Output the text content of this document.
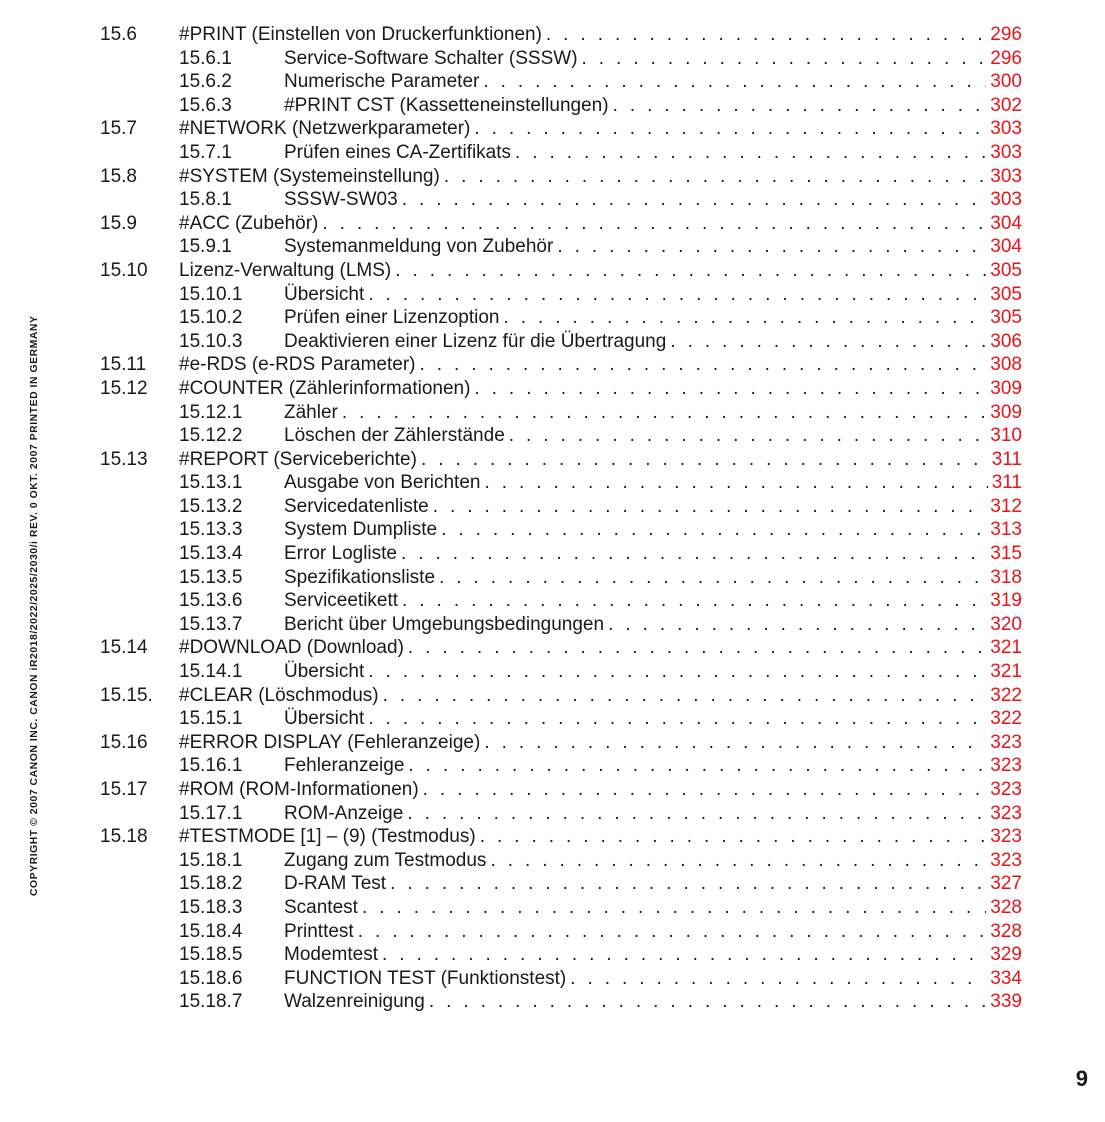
COPYRIGHT © 2007 CANON INC. CANON iR2018/2022/2025/2030/i REV. 0 OKT. 2007 PRINTED IN GERMANY
15.6 #PRINT (Einstellen von Druckerfunktionen) . . .	296
15.6.1	Service-Software Schalter (SSSW) . . .	296
15.6.2	Numerische Parameter . . .	300
15.6.3	#PRINT CST (Kassetteneinstellungen) . . .	302
15.7 #NETWORK (Netzwerkparameter) . . .	303
15.7.1	Prüfen eines CA-Zertifikats . . .	303
15.8 #SYSTEM (Systemeinstellung) . . .	303
15.8.1	SSSW-SW03 . . .	303
15.9 #ACC (Zubehör) . . .	304
15.9.1	Systemanmeldung von Zubehör . . .	304
15.10 Lizenz-Verwaltung (LMS) . . .	305
15.10.1 Übersicht . . .	305
15.10.2 Prüfen einer Lizenzoption . . .	305
15.10.3 Deaktivieren einer Lizenz für die Übertragung . . .	306
15.11 #e-RDS (e-RDS Parameter) . . .	308
15.12 #COUNTER (Zählerinformationen) . . .	309
15.12.1 Zähler . . .	309
15.12.2 Löschen der Zählerstände . . .	310
15.13 #REPORT (Serviceberichte) . . .	311
15.13.1 Ausgabe von Berichten . . .	311
15.13.2 Servicedatenliste . . .	312
15.13.3 System Dumpliste . . .	313
15.13.4 Error Logliste . . .	315
15.13.5 Spezifikationsliste . . .	318
15.13.6 Serviceetikett . . .	319
15.13.7 Bericht über Umgebungsbedingungen . . .	320
15.14 #DOWNLOAD (Download) . . .	321
15.14.1 Übersicht . . .	321
15.15. #CLEAR (Löschmodus) . . .	322
15.15.1 Übersicht . . .	322
15.16 #ERROR DISPLAY (Fehleranzeige) . . .	323
15.16.1 Fehleranzeige . . .	323
15.17 #ROM (ROM-Informationen) . . .	323
15.17.1 ROM-Anzeige . . .	323
15.18 #TESTMODE [1] – (9) (Testmodus) . . .	323
15.18.1 Zugang zum Testmodus . . .	323
15.18.2 D-RAM Test . . .	327
15.18.3 Scantest . . .	328
15.18.4 Printtest . . .	328
15.18.5 Modemtest . . .	329
15.18.6 FUNCTION TEST (Funktionstest) . . .	334
15.18.7 Walzenreinigung . . .	339
9
